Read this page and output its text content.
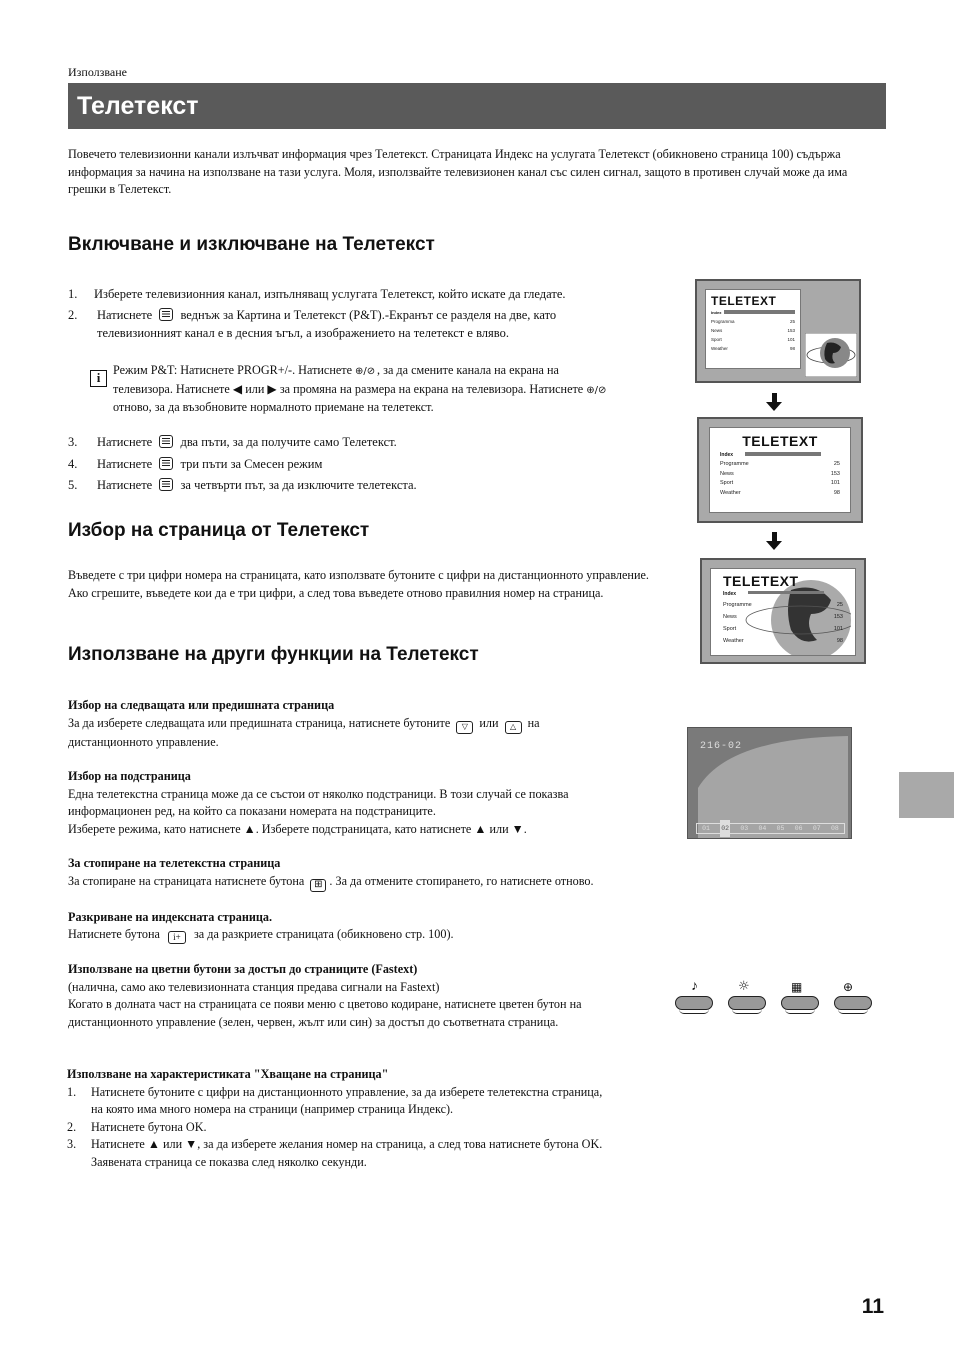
Използване
Телетекст
Повечето телевизионни канали излъчват информация чрез Телетекст. Страницата Индекс на услугата Телетекст (обикновено страница 100) съдържа информация за начина на използване на тази услуга. Моля, използвайте телевизионен канал със силен сигнал, защото в противен случай може да има грешки в Телетекст.
Включване и изключване на Телетекст
1.	Изберете телевизионния канал, изпълняващ услугата Телетекст, който искате да гледате.
2.	Натиснете веднъж за Картина и Телетекст (P&T).-Екранът се разделя на две, като
телевизионният канал е в десния ъгъл, а изображението на телетекст е вляво.
i	Режим P&T: Натиснете PROGR+/-. Натиснете ⊕/⊘ , за да смените канала на екрана на
телевизора. Натиснете ◀ или ▶ за промяна на размера на екрана на телевизора. Натиснете ⊕/⊘
отново, за да възобновите нормалното приемане на телетекст.
3.	Натиснете два пъти, за да получите само Телетекст.
4.	Натиснете три пъти за Смесен режим
5.	Натиснете за четвърти път, за да изключите телетекста.
Избор на страница от Телетекст
Въведете с три цифри номера на страницата, като използвате бутоните с цифри на дистанционното управление. Ако сгрешите, въведете кои да е три цифри, а след това въведете отново правилния номер на страница.
Използване на други функции на Телетекст
Избор на следващата или предишната страница
За да изберете следващата или предишната страница, натиснете бутоните ▽ или △ на
дистанционното управление.
Избор на подстраница
Една телетекстна страница може да се състои от няколко подстраници. В този случай се показва
информационен ред, на който са показани номерата на подстраниците.
Изберете режима, като натиснете ▲. Изберете подстраницата, като натиснете ▲ или ▼.
За стопиране на телетекстна страница
За стопиране на страницата натиснете бутона ⊞ . За да отмените стопирането, го натиснете отново.
Разкриване на индексната страница.
Натиснете бутона i+ за да разкриете страницата (обикновено стр. 100).
Използване на цветни бутони за достъп до страниците (Fastext)
(налична, само ако телевизионната станция предава сигнали на Fastext)
Когато в долната част на страницата се появи меню с цветово кодиране, натиснете цветен бутон на
дистанционното управление (зелен, червен, жълт или син) за достъп до съответната страница.
Използване на характеристиката "Хващане на страница"
1.	Натиснете бутоните с цифри на дистанционното управление, за да изберете телетекстна страница,
на която има много номера на страници (например страница Индекс).
2.	Натиснете бутона OK.
3.	Натиснете ▲ или ▼, за да изберете желания номер на страница, а след това натиснете бутона OK.
Заявената страница се показва след няколко секунди.
TELETEXT
Index
Programma	25
News	153
Sport	101
Weather	98
TELETEXT
Index
Programme	25
News	153
Sport	101
Weather	98
TELETEXT
Index
Programme	25
News	153
Sport	101
Weather	98
216-02
01 02 03 04 05 06 07 08
♪	☼	▦	⊕
11
